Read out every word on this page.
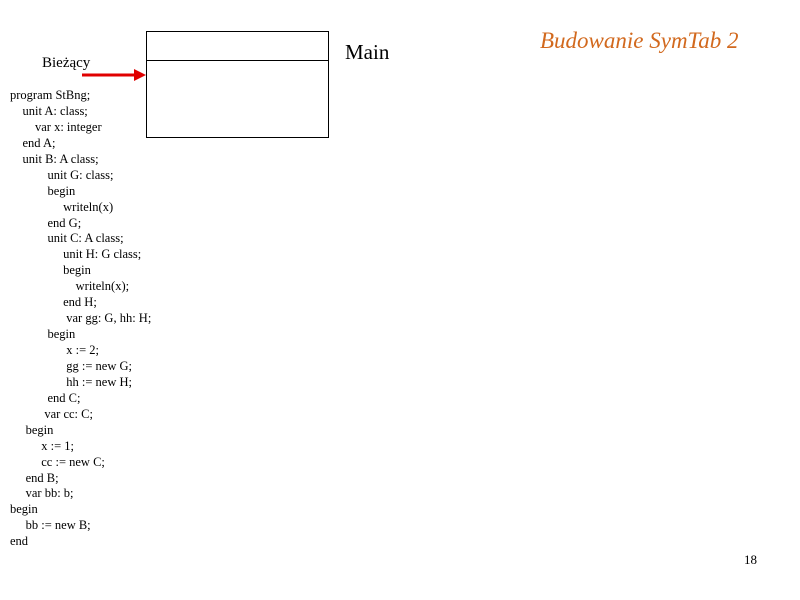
Budowanie SymTab 2
Main
Bieżący
program StBng;
unit A: class;
var x: integer
end A;
unit B: A class;
unit G: class;
begin
writeln(x)
end G;
unit C: A class;
unit H: G class;
begin
writeln(x);
end H;
var gg: G, hh: H;
begin
x := 2;
gg := new G;
hh := new H;
end C;
var cc: C;
begin
x := 1;
cc := new C;
end B;
var bb: b;
begin
bb := new B;
end
18
